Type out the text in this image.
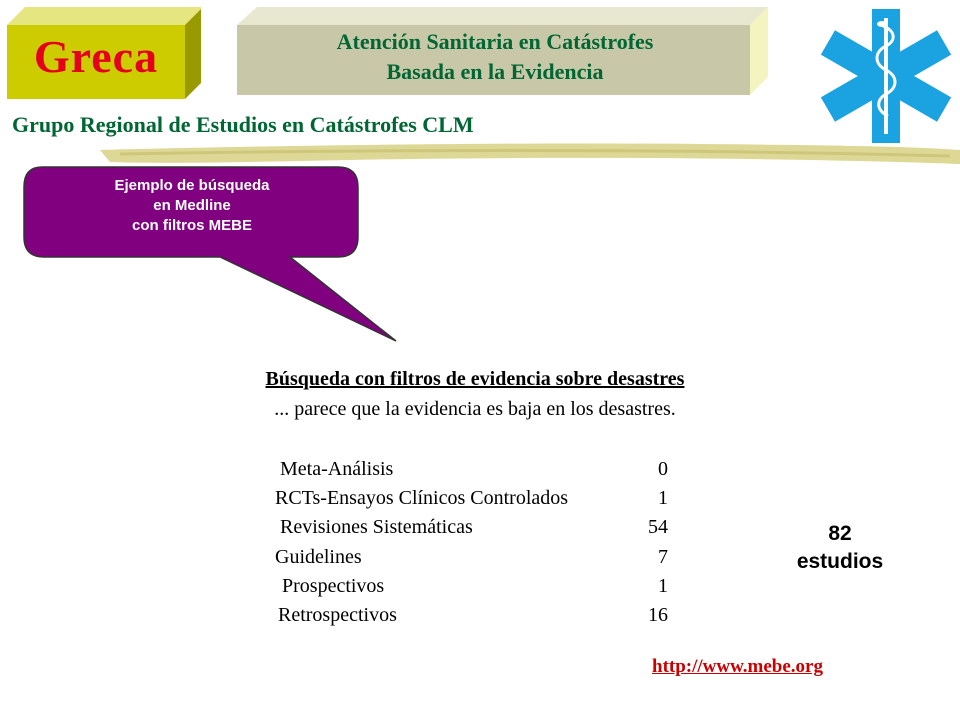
Greca	Atención Sanitaria en Catástrofes
Basada en la Evidencia
Grupo Regional de Estudios en Catástrofes CLM
Ejemplo de búsqueda
en Medline
con filtros MEBE
Búsqueda con filtros de evidencia sobre desastres
... parece que la evidencia es baja en los desastres.
Meta-Análisis	0
RCTs-Ensayos Clínicos Controlados	1
Revisiones Sistemáticas	54
Guidelines	7
Prospectivos	1
Retrospectivos	16
82
estudios
http://www.mebe.org
